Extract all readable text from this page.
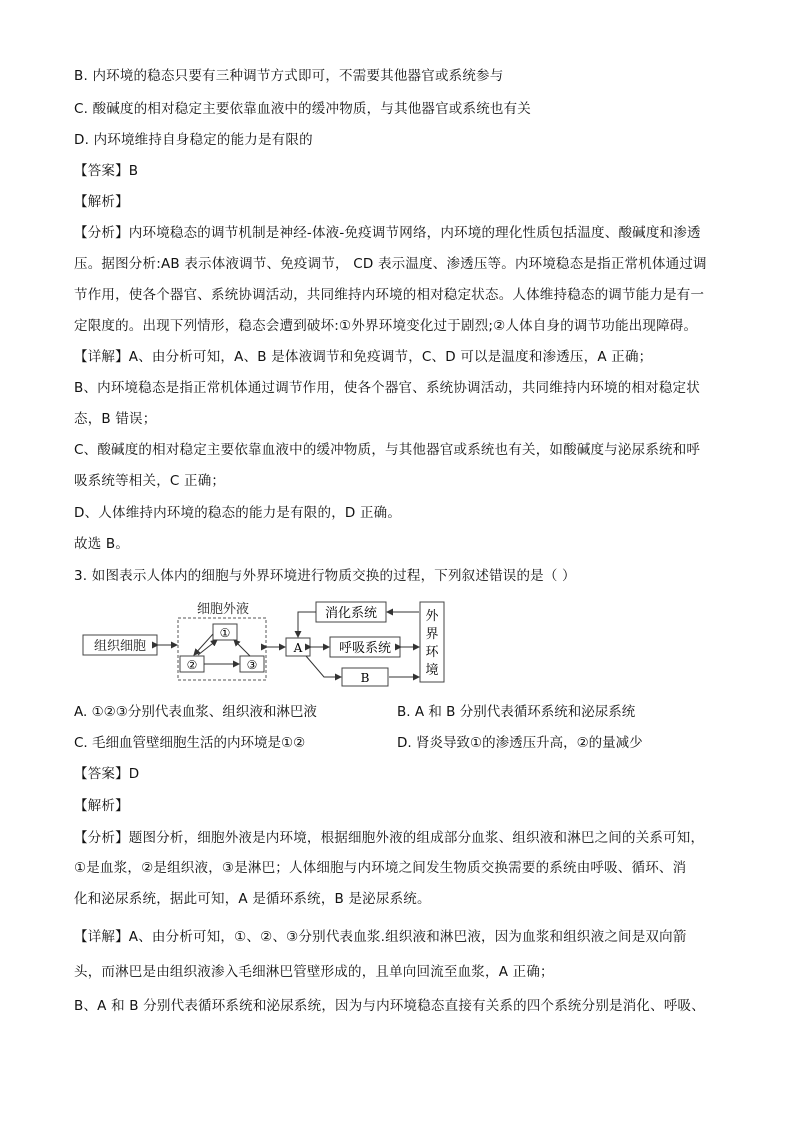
B. 内环境的稳态只要有三种调节方式即可，不需要其他器官或系统参与
C. 酸碱度的相对稳定主要依靠血液中的缓冲物质，与其他器官或系统也有关
D. 内环境维持自身稳定的能力是有限的
【答案】B
【解析】
【分析】内环境稳态的调节机制是神经-体液-免疫调节网络，内环境的理化性质包括温度、酸碱度和渗透
压。据图分析:AB 表示体液调节、免疫调节， CD 表示温度、渗透压等。内环境稳态是指正常机体通过调
节作用，使各个器官、系统协调活动，共同维持内环境的相对稳定状态。人体维持稳态的调节能力是有一
定限度的。出现下列情形，稳态会遭到破坏:①外界环境变化过于剧烈;②人体自身的调节功能出现障碍。
【详解】A、由分析可知，A、B 是体液调节和免疫调节，C、D 可以是温度和渗透压，A 正确；
B、内环境稳态是指正常机体通过调节作用，使各个器官、系统协调活动，共同维持内环境的相对稳定状
态，B 错误；
C、酸碱度的相对稳定主要依靠血液中的缓冲物质，与其他器官或系统也有关，如酸碱度与泌尿系统和呼
吸系统等相关，C 正确；
D、人体维持内环境的稳态的能力是有限的，D 正确。
故选 B。
3. 如图表示人体内的细胞与外界环境进行物质交换的过程，下列叙述错误的是（ ）
组织细胞
细胞外液
①
②	③
A
消化系统
呼吸系统
B
外
界
环
境
A. ①②③分别代表血浆、组织液和淋巴液	B. A 和 B 分别代表循环系统和泌尿系统
C. 毛细血管壁细胞生活的内环境是①②	D. 肾炎导致①的渗透压升高，②的量减少
【答案】D
【解析】
【分析】题图分析，细胞外液是内环境，根据细胞外液的组成部分血浆、组织液和淋巴之间的关系可知，
①是血浆，②是组织液，③是淋巴；人体细胞与内环境之间发生物质交换需要的系统由呼吸、循环、消
化和泌尿系统，据此可知，A 是循环系统，B 是泌尿系统。
【详解】A、由分析可知，①、②、③分别代表血浆.组织液和淋巴液，因为血浆和组织液之间是双向箭
头，而淋巴是由组织液渗入毛细淋巴管壁形成的，且单向回流至血浆，A 正确；
B、A 和 B 分别代表循环系统和泌尿系统，因为与内环境稳态直接有关系的四个系统分别是消化、呼吸、
